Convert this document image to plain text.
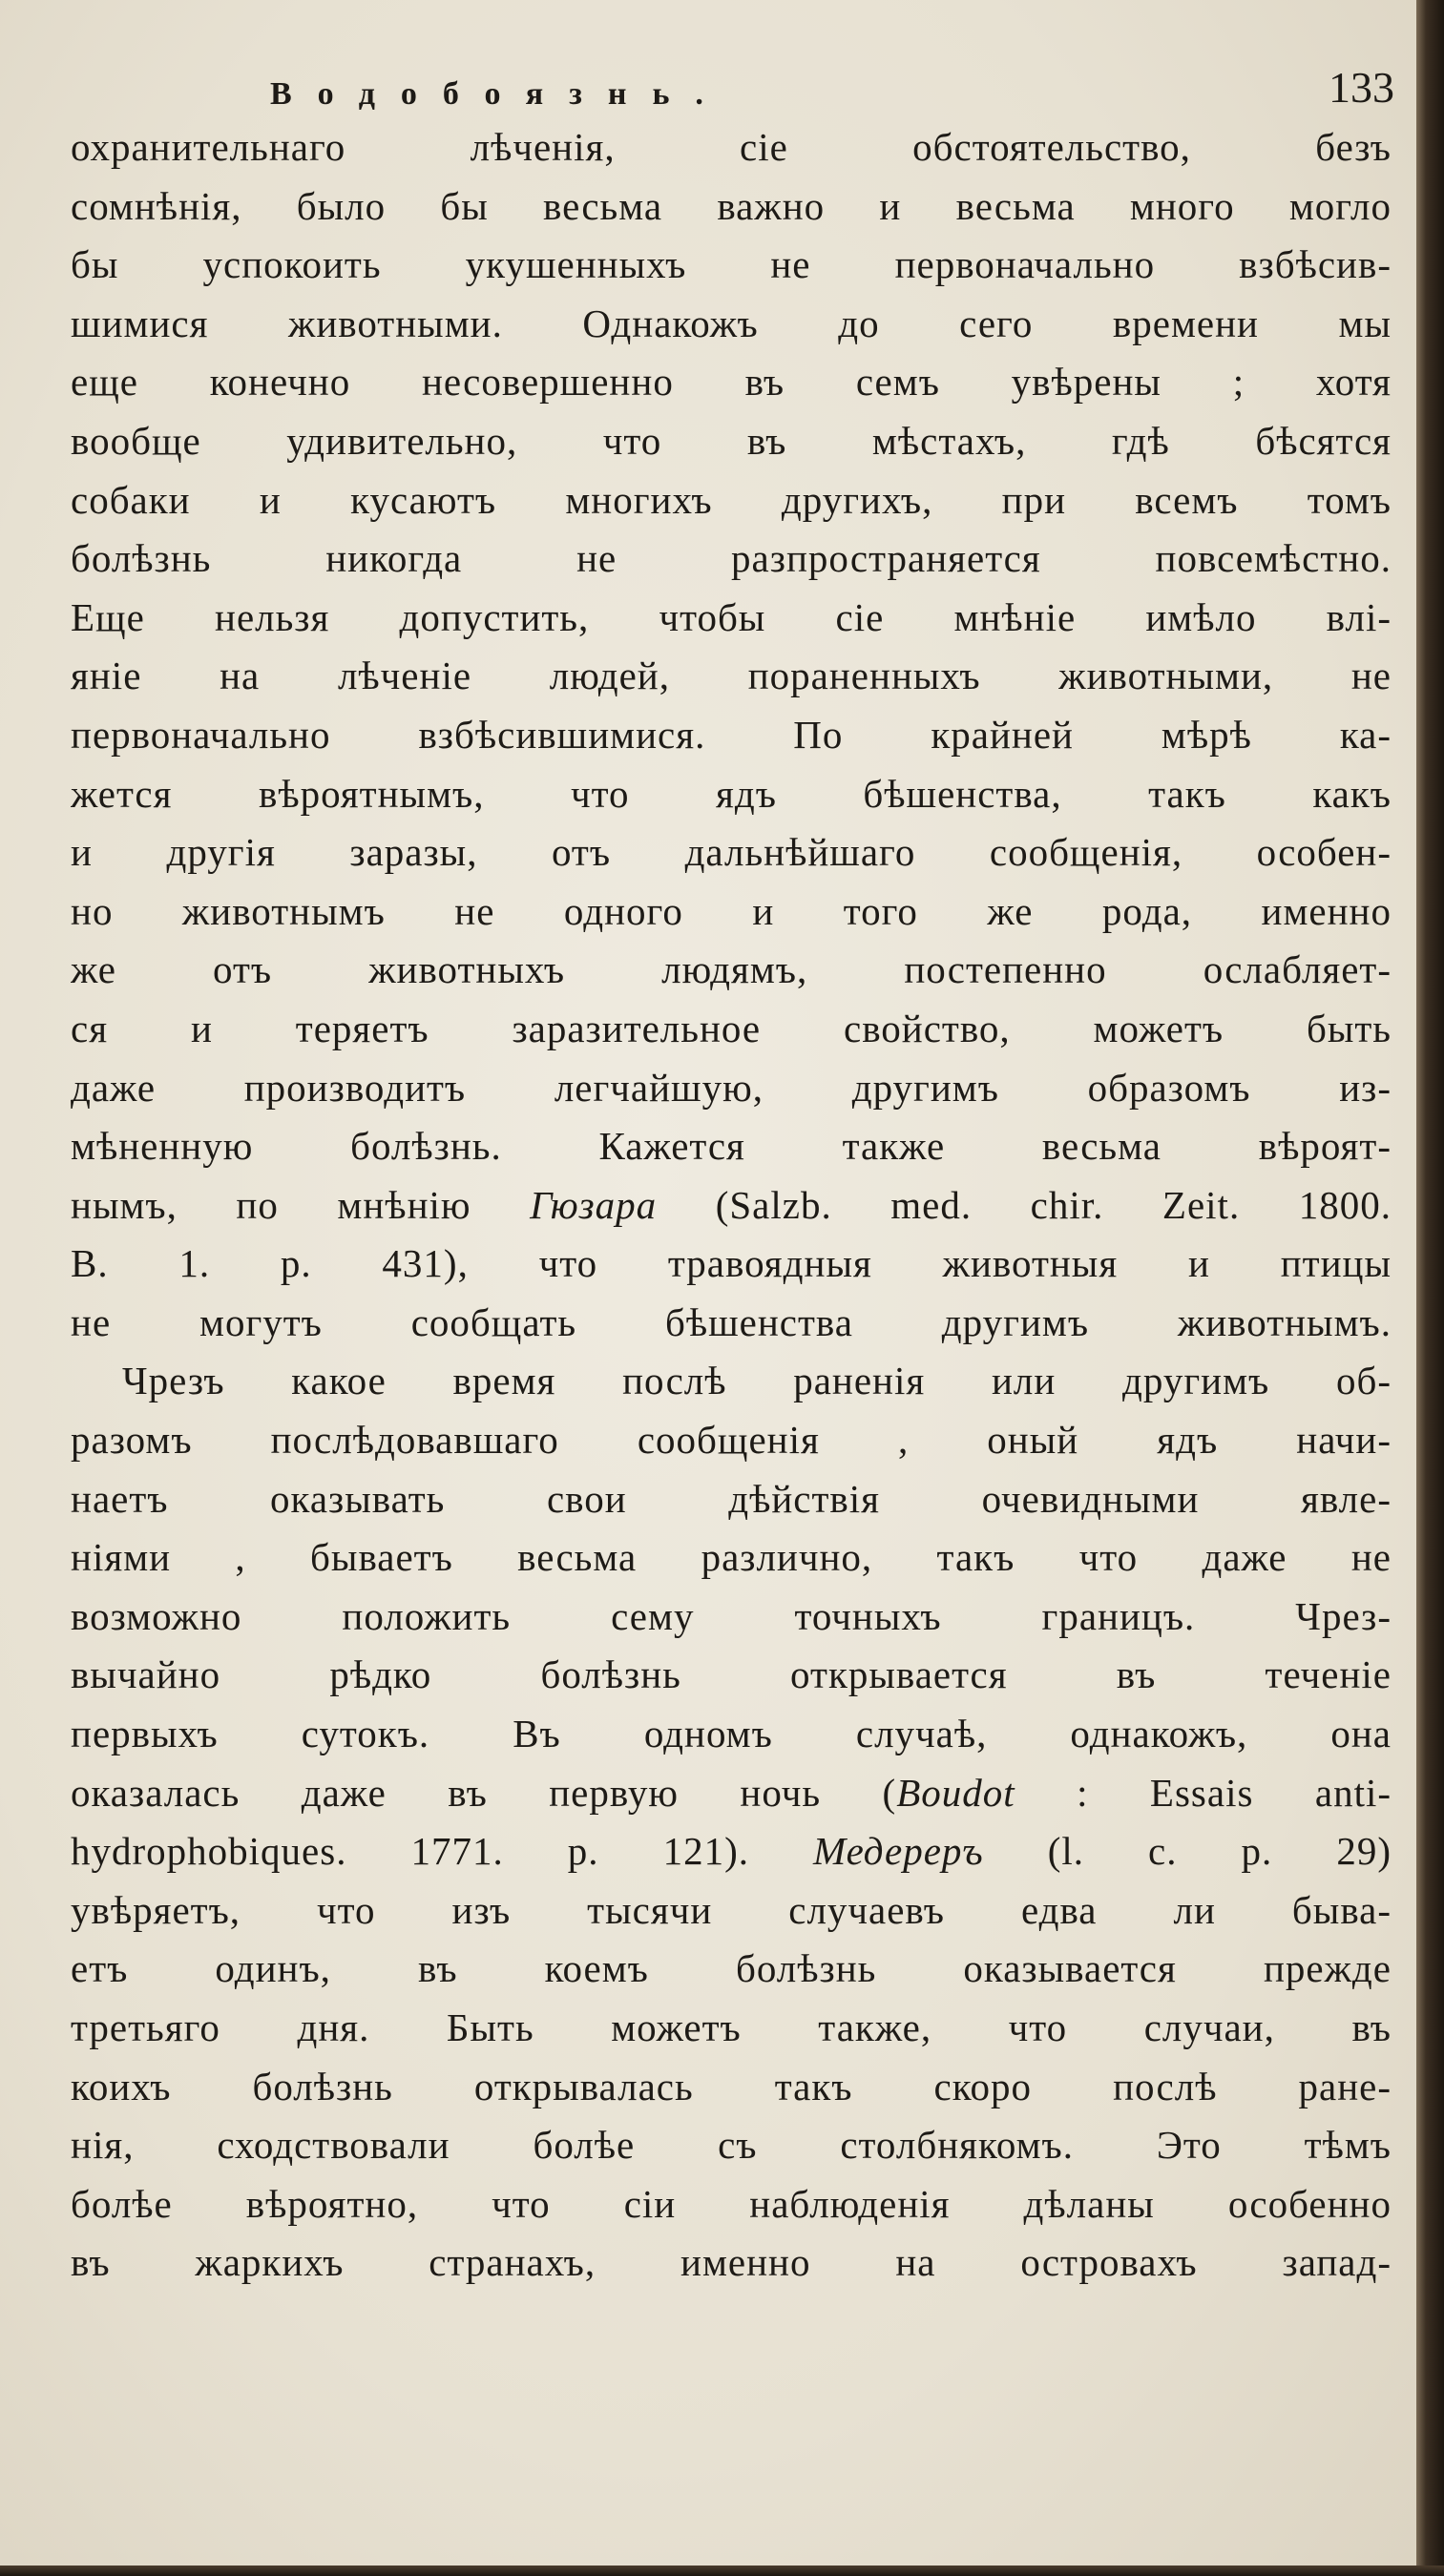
Водобоязнь.	133
охранительнаго лѣченія, сіе обстоятельство, безъ
сомнѣнія, было бы весьма важно и весьма много могло
бы успокоить укушенныхъ не первоначально взбѣсив-
шимися животными. Однакожъ до сего времени мы
еще конечно несовершенно въ семъ увѣрены ; хотя
вообще удивительно, что въ мѣстахъ, гдѣ бѣсятся
собаки и кусаютъ многихъ другихъ, при всемъ томъ
болѣзнь никогда не разпространяется повсемѣстно.
Еще нельзя допустить, чтобы сіе мнѣніе имѣло влі-
яніе на лѣченіе людей, пораненныхъ животными, не
первоначально взбѣсившимися. По крайней мѣрѣ ка-
жется вѣроятнымъ, что ядъ бѣшенства, такъ какъ
и другія заразы, отъ дальнѣйшаго сообщенія, особен-
но животнымъ не одного и того же рода, именно
же отъ животныхъ людямъ, постепенно ослабляет-
ся и теряетъ заразительное свойство, можетъ быть
даже производитъ легчайшую, другимъ образомъ из-
мѣненную болѣзнь. Кажется также весьма вѣроят-
нымъ, по мнѣнію Гюзара (Salzb. med. chir. Zeit. 1800.
B. 1. p. 431), что травоядныя животныя и птицы
не могутъ сообщать бѣшенства другимъ животнымъ.
Чрезъ какое время послѣ раненія или другимъ об-
разомъ послѣдовавшаго сообщенія , оный ядъ начи-
наетъ оказывать свои дѣйствія очевидными явле-
ніями , бываетъ весьма различно, такъ что даже не
возможно положить сему точныхъ границъ. Чрез-
вычайно рѣдко болѣзнь открывается въ теченіе
первыхъ сутокъ. Въ одномъ случаѣ, однакожъ, она
оказалась даже въ первую ночь (Boudot : Essais anti-
hydrophobiques. 1771. p. 121). Медереръ (l. c. p. 29)
увѣряетъ, что изъ тысячи случаевъ едва ли быва-
етъ одинъ, въ коемъ болѣзнь оказывается прежде
третьяго дня. Быть можетъ также, что случаи, въ
коихъ болѣзнь открывалась такъ скоро послѣ ране-
нія, сходствовали болѣе съ столбнякомъ. Это тѣмъ
болѣе вѣроятно, что сіи наблюденія дѣланы особенно
въ жаркихъ странахъ, именно на островахъ запад-
